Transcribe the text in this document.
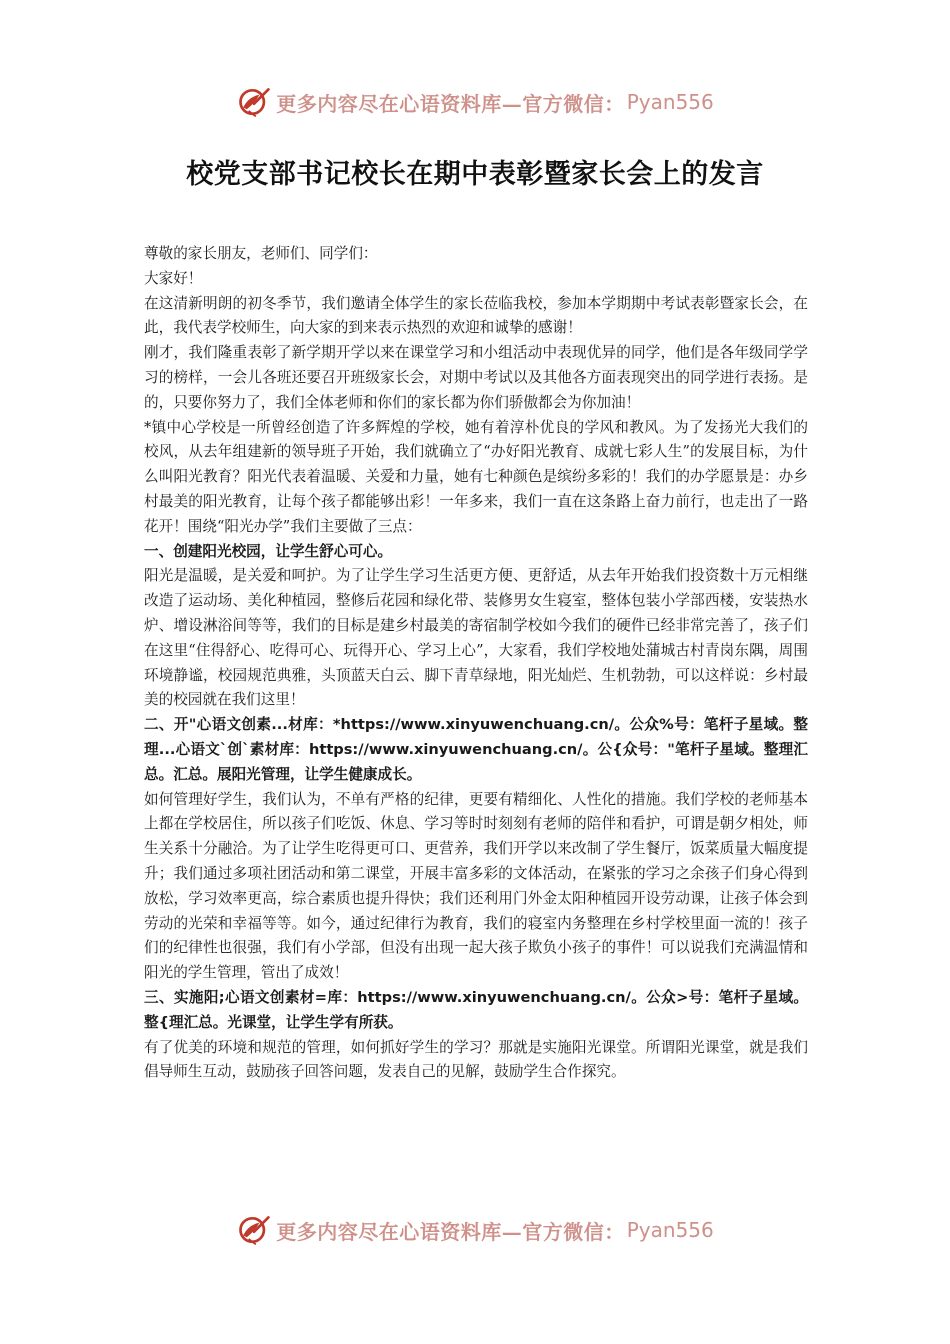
更多内容尽在心语资料库—官方微信： Pyan556
校党支部书记校长在期中表彰暨家长会上的发言

尊敬的家长朋友，老师们、同学们：

大家好！

在这清新明朗的初冬季节，我们邀请全体学生的家长莅临我校，参加本学期期中考试表彰暨家长会，在此，我代表学校师生，向大家的到来表示热烈的欢迎和诚挚的感谢！

刚才，我们隆重表彰了新学期开学以来在课堂学习和小组活动中表现优异的同学，他们是各年级同学学习的榜样，一会儿各班还要召开班级家长会，对期中考试以及其他各方面表现突出的同学进行表扬。是的，只要你努力了，我们全体老师和你们的家长都为你们骄傲都会为你加油！

*镇中心学校是一所曾经创造了许多辉煌的学校，她有着淳朴优良的学风和教风。为了发扬光大我们的校风，从去年组建新的领导班子开始，我们就确立了“办好阳光教育、成就七彩人生”的发展目标，为什么叫阳光教育？阳光代表着温暖、关爱和力量，她有七种颜色是缤纷多彩的！我们的办学愿景是：办乡村最美的阳光教育，让每个孩子都能够出彩！一年多来，我们一直在这条路上奋力前行，也走出了一路花开！围绕“阳光办学”我们主要做了三点：

一、创建阳光校园，让学生舒心可心。

阳光是温暖，是关爱和呵护。为了让学生学习生活更方便、更舒适，从去年开始我们投资数十万元相继改造了运动场、美化种植园，整修后花园和绿化带、装修男女生寝室，整体包装小学部西楼，安装热水炉、增设淋浴间等等，我们的目标是建乡村最美的寄宿制学校如今我们的硬件已经非常完善了，孩子们在这里“住得舒心、吃得可心、玩得开心、学习上心”，大家看，我们学校地处蒲城古村青岗东隅，周围环境静谧，校园规范典雅，头顶蓝天白云、脚下青草绿地，阳光灿烂、生机勃勃，可以这样说：乡村最美的校园就在我们这里！

二、开"心语文创素...材库：*https://www.xinyuwenchuang.cn/。公众%号：笔杆子星域。整理...心语文`创`素材库：https://www.xinyuwenchuang.cn/。公{众号："笔杆子星域。整理汇总。汇总。展阳光管理，让学生健康成长。

如何管理好学生，我们认为，不单有严格的纪律，更要有精细化、人性化的措施。我们学校的老师基本上都在学校居住，所以孩子们吃饭、休息、学习等时时刻刻有老师的陪伴和看护，可谓是朝夕相处，师生关系十分融洽。为了让学生吃得更可口、更营养，我们开学以来改制了学生餐厅，饭菜质量大幅度提升；我们通过多项社团活动和第二课堂，开展丰富多彩的文体活动，在紧张的学习之余孩子们身心得到放松，学习效率更高，综合素质也提升得快；我们还利用门外金太阳种植园开设劳动课，让孩子体会到劳动的光荣和幸福等等。如今，通过纪律行为教育，我们的寝室内务整理在乡村学校里面一流的！孩子们的纪律性也很强，我们有小学部，但没有出现一起大孩子欺负小孩子的事件！可以说我们充满温情和阳光的学生管理，管出了成效！

三、实施阳;心语文创素材=库：https://www.xinyuwenchuang.cn/。公众>号：笔杆子星域。整{理汇总。光课堂，让学生学有所获。

有了优美的环境和规范的管理，如何抓好学生的学习？那就是实施阳光课堂。所谓阳光课堂，就是我们倡导师生互动，鼓励孩子回答问题，发表自己的见解，鼓励学生合作探究。

更多内容尽在心语资料库—官方微信： Pyan556
